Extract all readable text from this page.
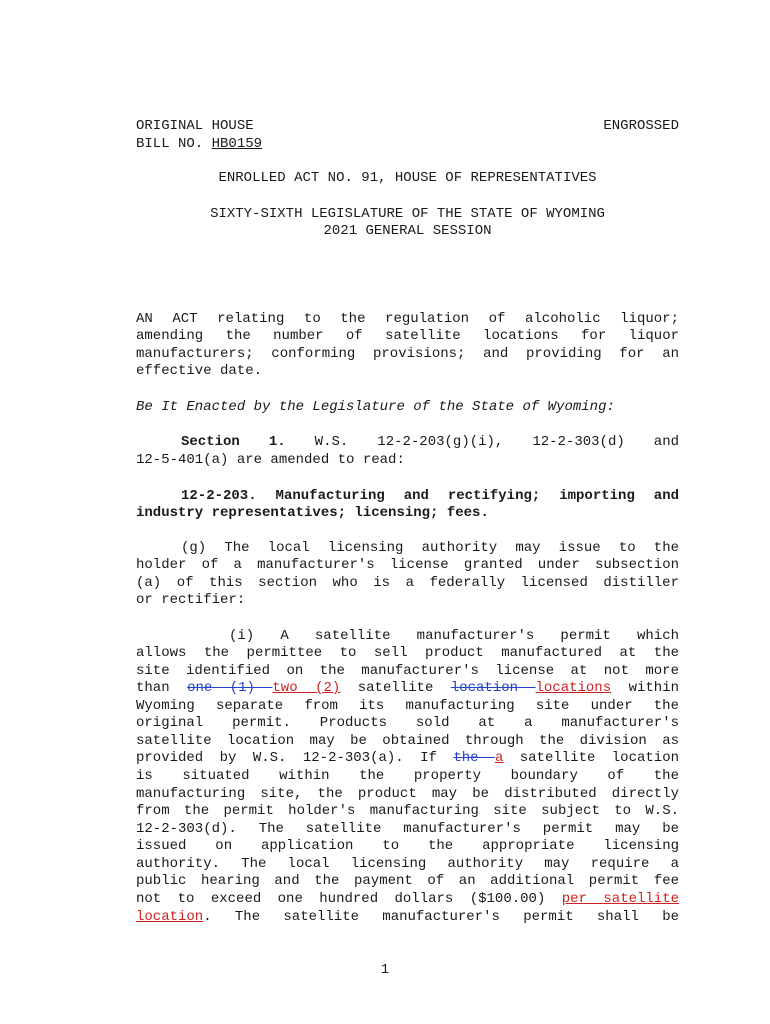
ORIGINAL HOUSE	ENGROSSED
BILL NO. HB0159
ENROLLED ACT NO. 91, HOUSE OF REPRESENTATIVES
SIXTY-SIXTH LEGISLATURE OF THE STATE OF WYOMING
2021 GENERAL SESSION
AN ACT relating to the regulation of alcoholic liquor;
amending the number of satellite locations for liquor
manufacturers; conforming provisions; and providing for an
effective date.
Be It Enacted by the Legislature of the State of Wyoming:
Section 1. W.S. 12-2-203(g)(i), 12-2-303(d) and
12-5-401(a) are amended to read:
12-2-203. Manufacturing and rectifying; importing and
industry representatives; licensing; fees.
(g) The local licensing authority may issue to the
holder of a manufacturer's license granted under subsection
(a) of this section who is a federally licensed distiller
or rectifier:
(i) A satellite manufacturer's permit which
allows the permittee to sell product manufactured at the
site identified on the manufacturer's license at not more
than one (1) two (2) satellite location locations within
Wyoming separate from its manufacturing site under the
original permit. Products sold at a manufacturer's
satellite location may be obtained through the division as
provided by W.S. 12-2-303(a). If the a satellite location
is situated within the property boundary of the
manufacturing site, the product may be distributed directly
from the permit holder's manufacturing site subject to W.S.
12-2-303(d). The satellite manufacturer's permit may be
issued on application to the appropriate licensing
authority. The local licensing authority may require a
public hearing and the payment of an additional permit fee
not to exceed one hundred dollars ($100.00) per satellite
location. The satellite manufacturer's permit shall be
1
